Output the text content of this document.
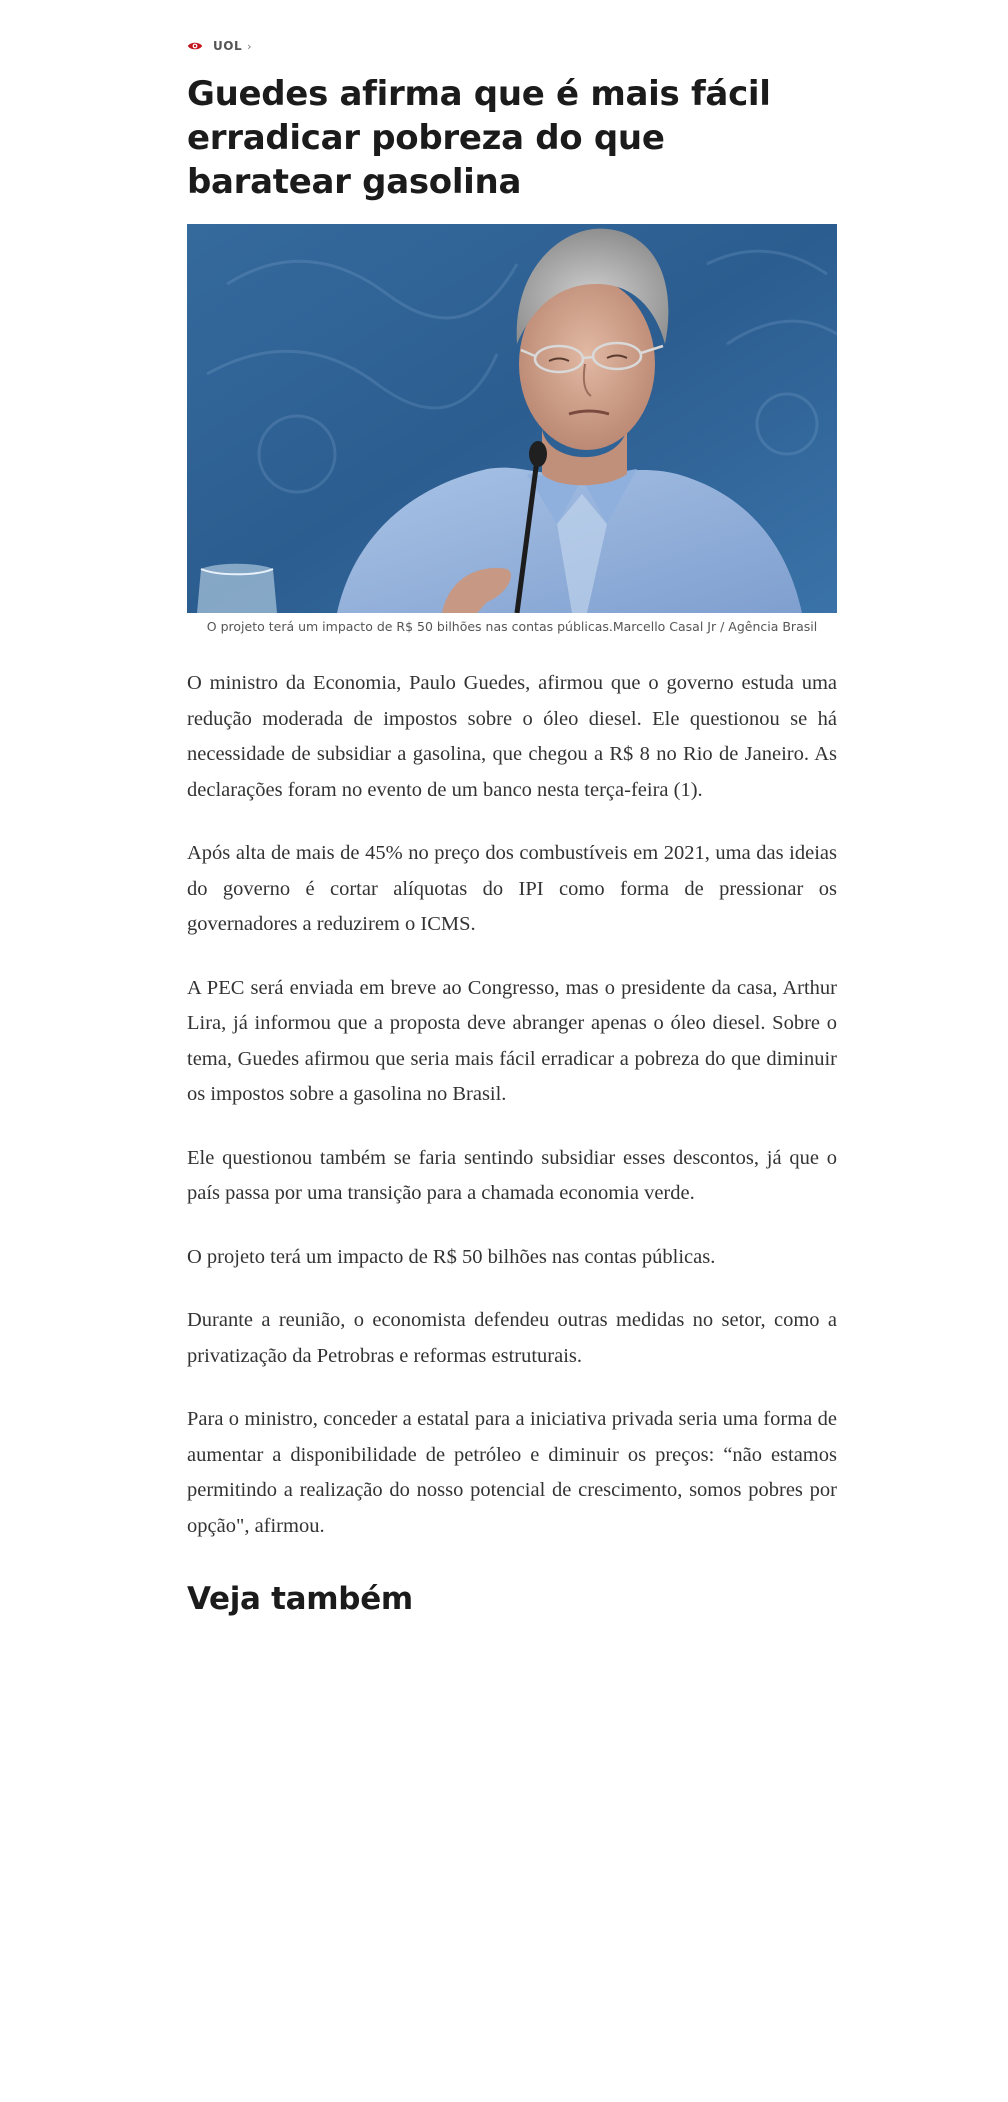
UOL ›
Guedes afirma que é mais fácil erradicar pobreza do que baratear gasolina
O projeto terá um impacto de R$ 50 bilhões nas contas públicas.Marcello Casal Jr / Agência Brasil

O ministro da Economia, Paulo Guedes, afirmou que o governo estuda uma redução moderada de impostos sobre o óleo diesel. Ele questionou se há necessidade de subsidiar a gasolina, que chegou a R$ 8 no Rio de Janeiro. As declarações foram no evento de um banco nesta terça-feira (1).

Após alta de mais de 45% no preço dos combustíveis em 2021, uma das ideias do governo é cortar alíquotas do IPI como forma de pressionar os governadores a reduzirem o ICMS.

A PEC será enviada em breve ao Congresso, mas o presidente da casa, Arthur Lira, já informou que a proposta deve abranger apenas o óleo diesel. Sobre o tema, Guedes afirmou que seria mais fácil erradicar a pobreza do que diminuir os impostos sobre a gasolina no Brasil.

Ele questionou também se faria sentindo subsidiar esses descontos, já que o país passa por uma transição para a chamada economia verde.

O projeto terá um impacto de R$ 50 bilhões nas contas públicas.

Durante a reunião, o economista defendeu outras medidas no setor, como a privatização da Petrobras e reformas estruturais.

Para o ministro, conceder a estatal para a iniciativa privada seria uma forma de aumentar a disponibilidade de petróleo e diminuir os preços: “não estamos permitindo a realização do nosso potencial de crescimento, somos pobres por opção", afirmou.

Veja também
